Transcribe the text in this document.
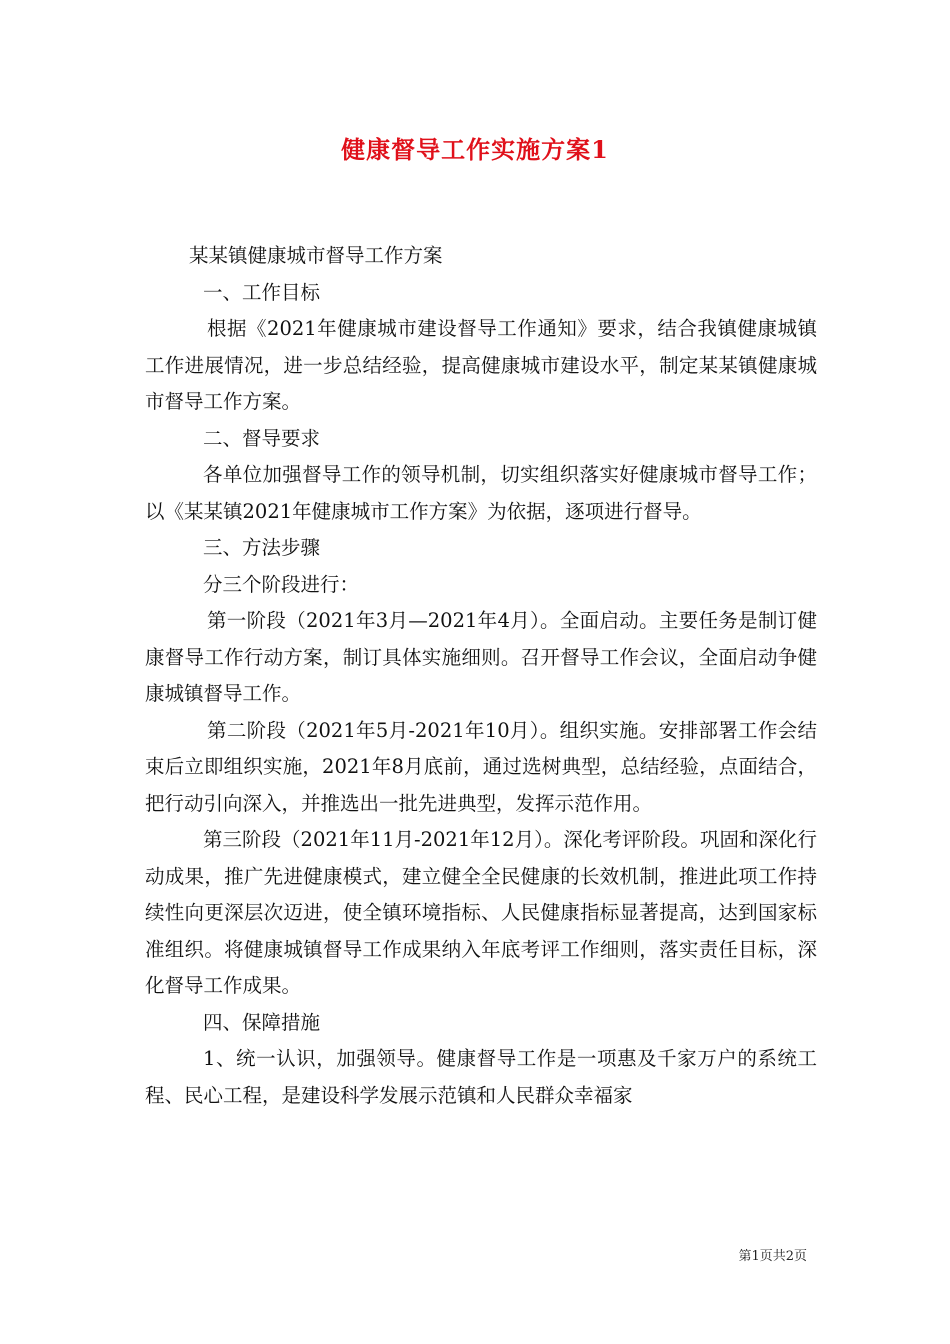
健康督导工作实施方案1

某某镇健康城市督导工作方案

一、工作目标

根据《2021年健康城市建设督导工作通知》要求，结合我镇健康城镇工作进展情况，进一步总结经验，提高健康城市建设水平，制定某某镇健康城市督导工作方案。

二、督导要求

各单位加强督导工作的领导机制，切实组织落实好健康城市督导工作；以《某某镇2021年健康城市工作方案》为依据，逐项进行督导。

三、方法步骤

分三个阶段进行：

第一阶段（2021年3月—2021年4月）。全面启动。主要任务是制订健康督导工作行动方案，制订具体实施细则。召开督导工作会议，全面启动争健康城镇督导工作。

第二阶段（2021年5月-2021年10月）。组织实施。安排部署工作会结束后立即组织实施，2021年8月底前，通过选树典型，总结经验，点面结合，把行动引向深入，并推选出一批先进典型，发挥示范作用。

第三阶段（2021年11月-2021年12月）。深化考评阶段。巩固和深化行动成果，推广先进健康模式，建立健全全民健康的长效机制，推进此项工作持续性向更深层次迈进，使全镇环境指标、人民健康指标显著提高，达到国家标准组织。将健康城镇督导工作成果纳入年底考评工作细则，落实责任目标，深化督导工作成果。

四、保障措施

1、统一认识，加强领导。健康督导工作是一项惠及千家万户的系统工程、民心工程，是建设科学发展示范镇和人民群众幸福家

第1页共2页
